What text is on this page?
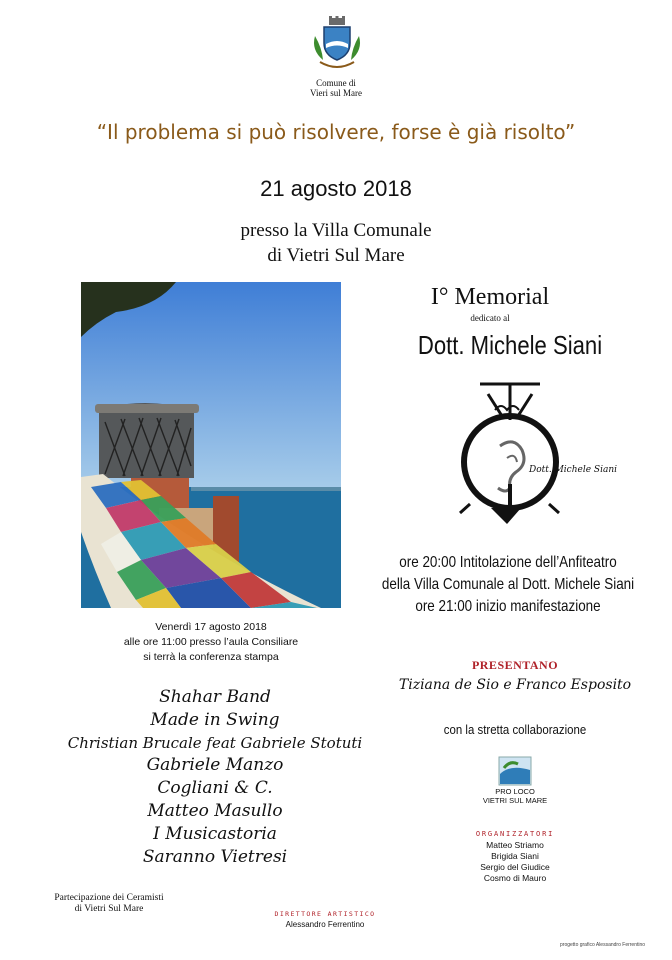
Comune di
Vieri sul Mare
“Il problema si può risolvere, forse è già risolto”
21 agosto 2018
presso la Villa Comunale
di Vietri Sul Mare
Venerdì 17 agosto 2018
alle ore 11:00 presso l’aula Consiliare
si terrà la conferenza stampa
Shahar Band
Made in Swing
Christian Brucale feat Gabriele Stotuti
Gabriele Manzo
Cogliani & C.
Matteo Masullo
I Musicastoria
Saranno Vietresi
I° Memorial
dedicato al
Dott. Michele Siani
Dott. Michele Siani
ore 20:00 Intitolazione dell’Anfiteatro
della Villa Comunale al Dott. Michele Siani
ore 21:00 inizio manifestazione
PRESENTANO
Tiziana de Sio e Franco Esposito
con la stretta collaborazione
PRO LOCO
VIETRI SUL MARE
ORGANIZZATORI
Matteo Striamo
Brigida Siani
Sergio del Giudice
Cosmo di Mauro
Partecipazione dei Ceramisti
di Vietri Sul Mare	DIRETTORE ARTISTICO
Alessandro Ferrentino
progetto grafico Alessandro Ferrentino
